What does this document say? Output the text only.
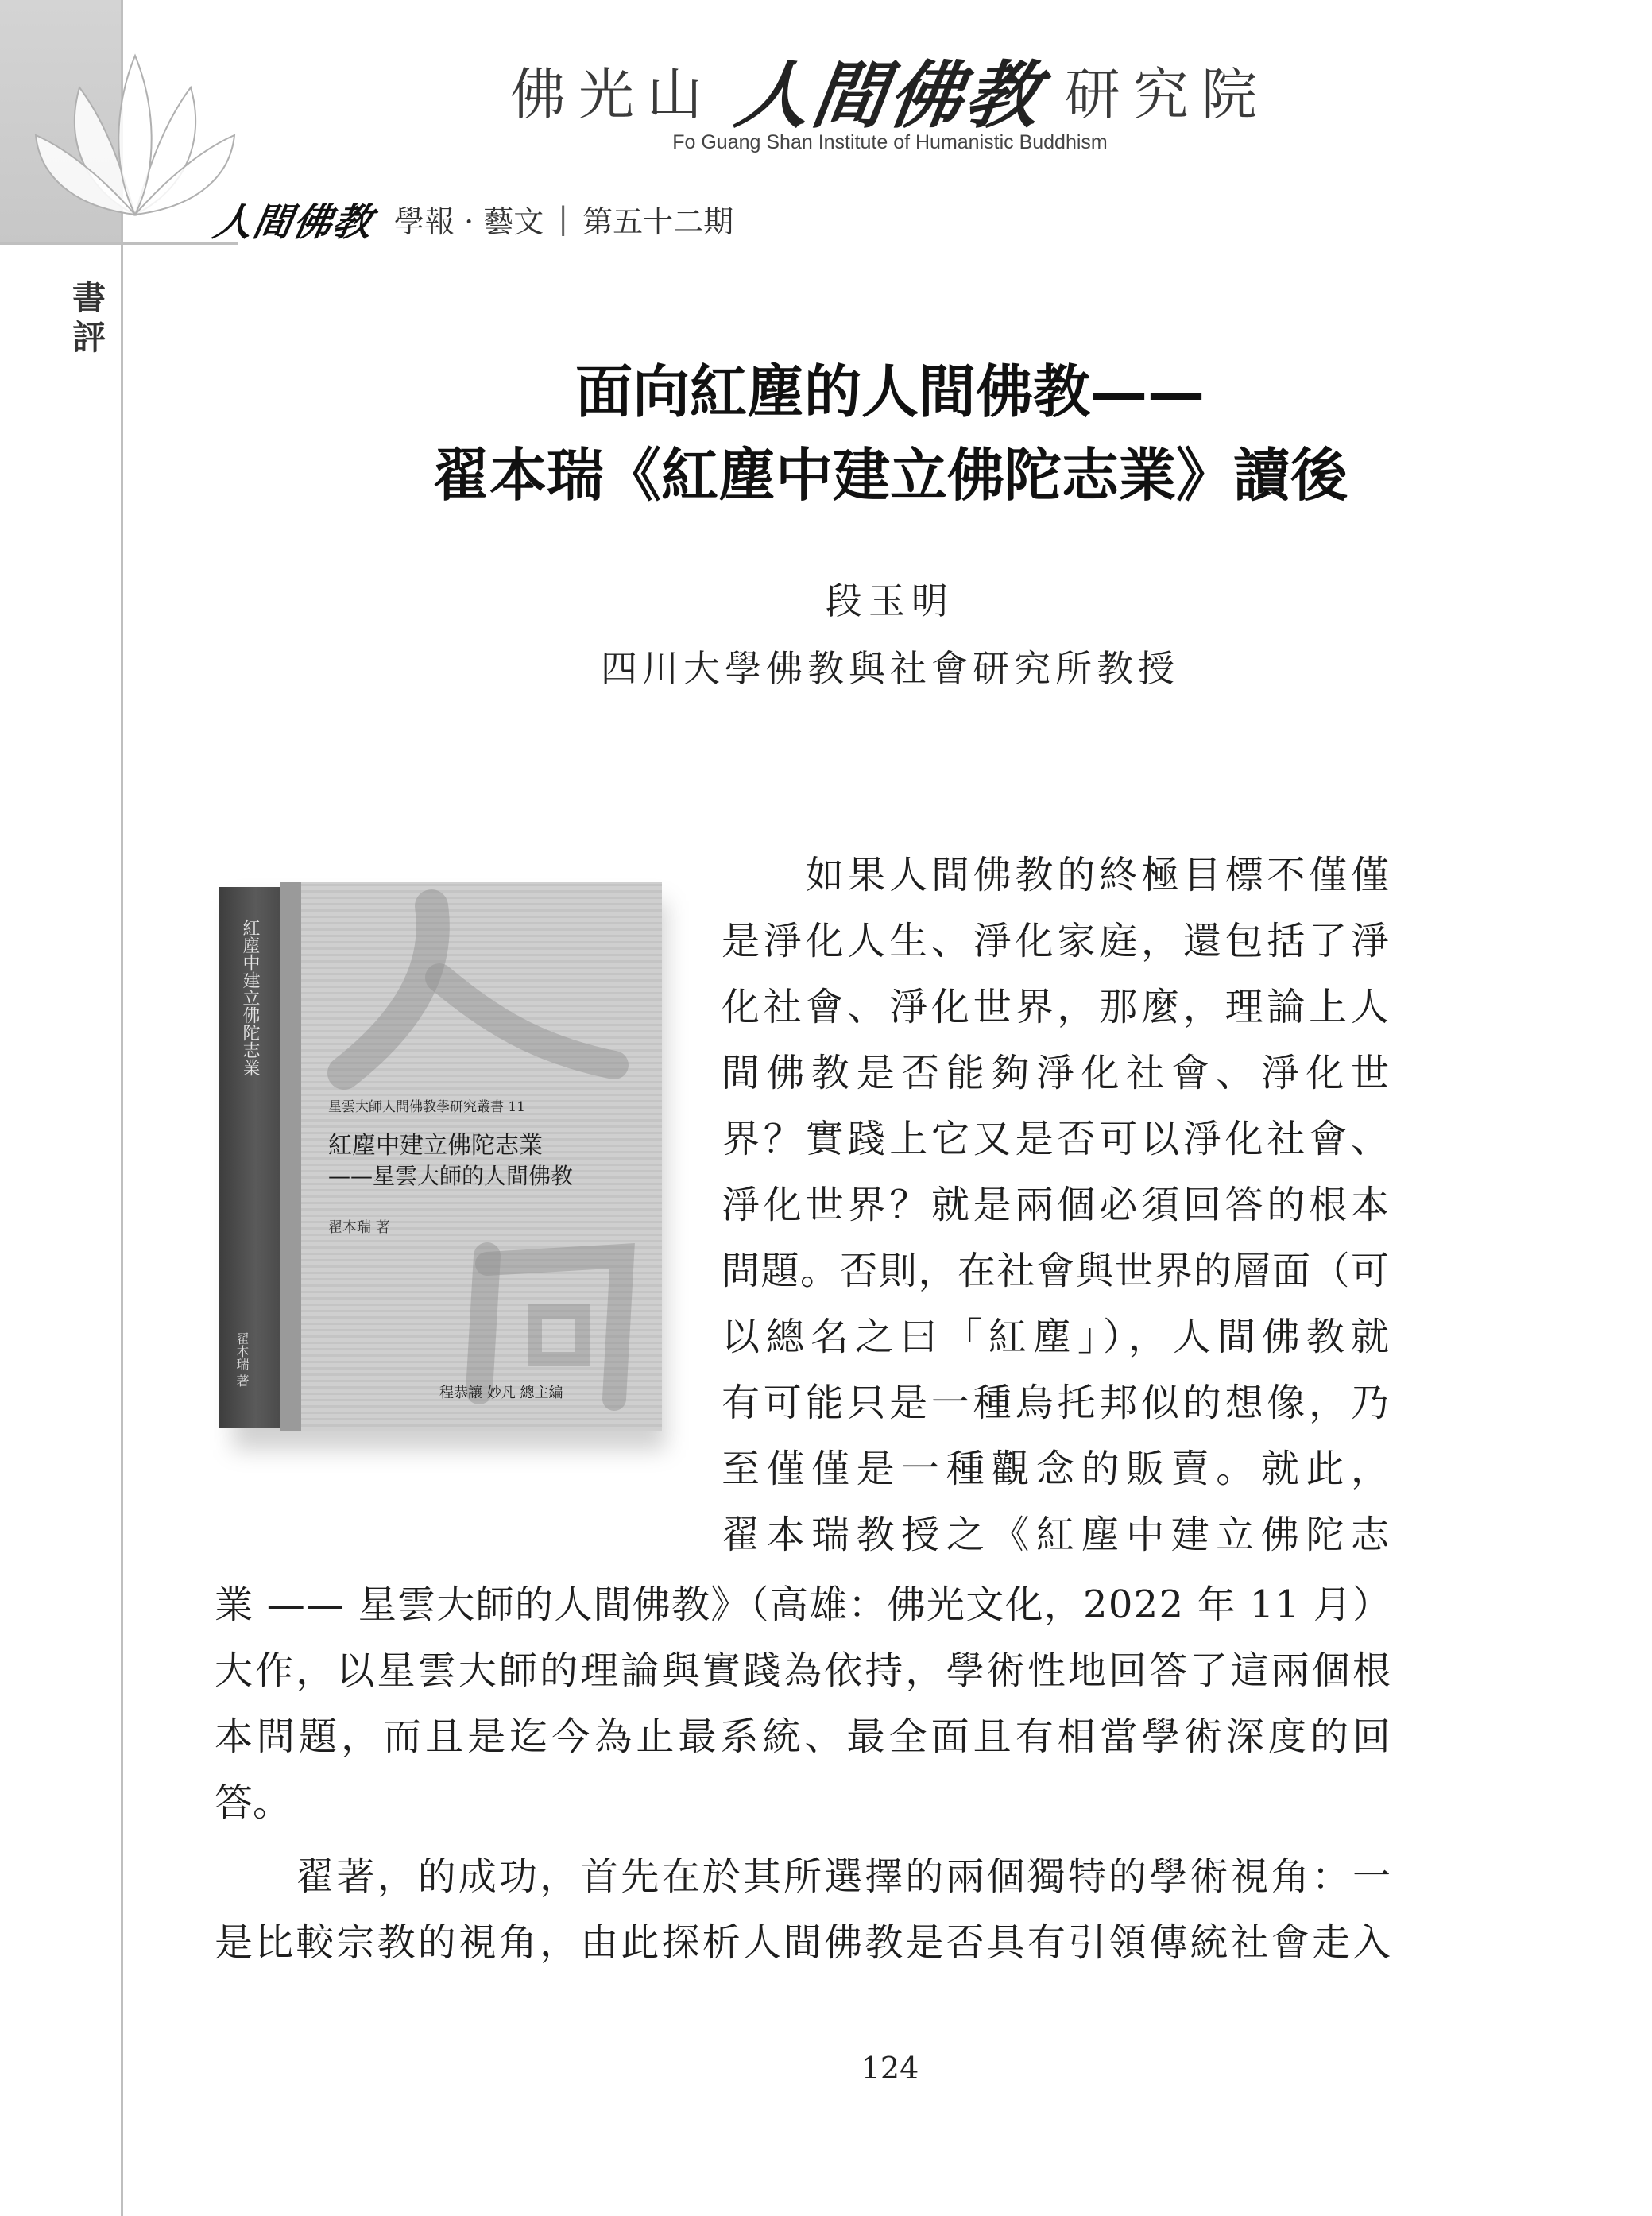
佛光山 人間佛教 研究院
Fo Guang Shan Institute of Humanistic Buddhism
人間佛教 學報 · 藝文 | 第五十二期
書評
面向紅塵的人間佛教——
翟本瑞《紅塵中建立佛陀志業》讀後
段玉明
四川大學佛教與社會研究所教授
紅塵中建立佛陀志業
翟本瑞 著
星雲大師人間佛教學研究叢書 11
紅塵中建立佛陀志業
——星雲大師的人間佛教
翟本瑞 著
程恭讓 妙凡 總主編
　　如果人間佛教的終極目標不僅僅
是淨化人生、淨化家庭，還包括了淨
化社會、淨化世界，那麼，理論上人
間佛教是否能夠淨化社會、淨化世
界？實踐上它又是否可以淨化社會、
淨化世界？就是兩個必須回答的根本
問題。否則，在社會與世界的層面（可
以總名之曰「紅塵」），人間佛教就
有可能只是一種烏托邦似的想像，乃
至僅僅是一種觀念的販賣。就此，
翟本瑞教授之《紅塵中建立佛陀志
業 —— 星雲大師的人間佛教》（高雄：佛光文化，2022 年 11 月）
大作，以星雲大師的理論與實踐為依持，學術性地回答了這兩個根
本問題，而且是迄今為止最系統、最全面且有相當學術深度的回
答。
　　翟著，的成功，首先在於其所選擇的兩個獨特的學術視角：一
是比較宗教的視角，由此探析人間佛教是否具有引領傳統社會走入
124
